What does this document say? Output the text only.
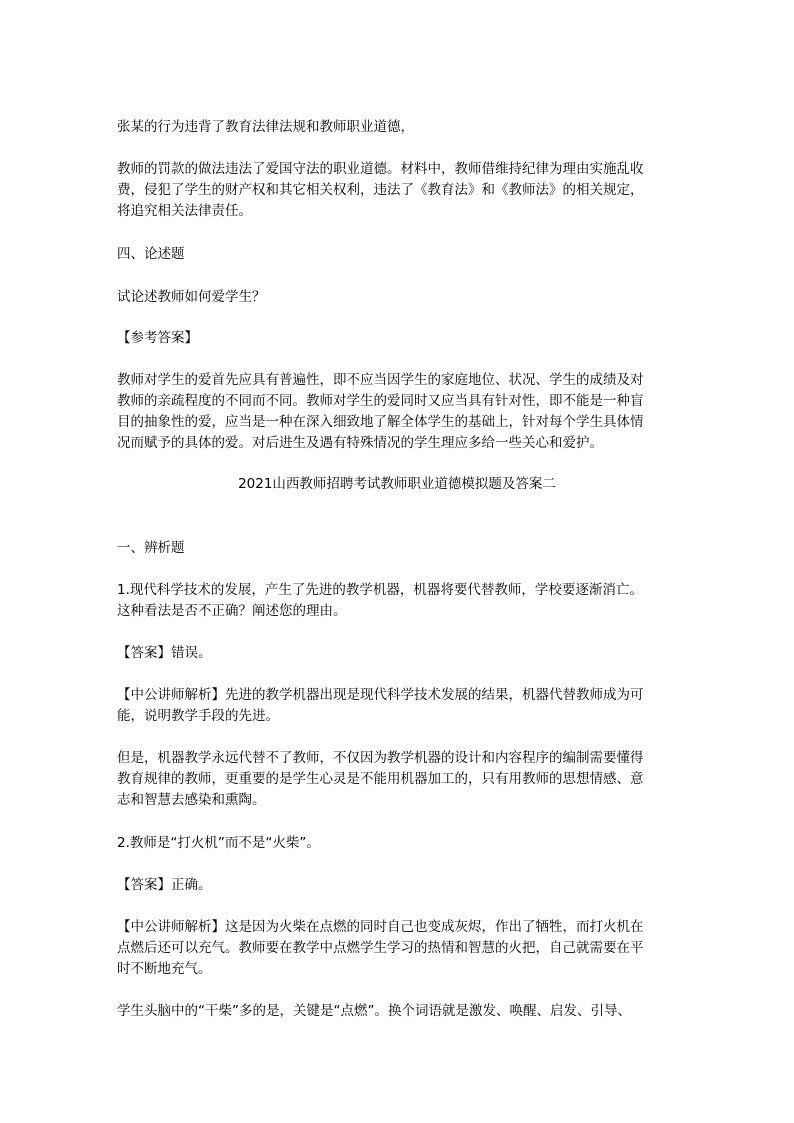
张某的行为违背了教育法律法规和教师职业道德，
教师的罚款的做法违法了爱国守法的职业道德。材料中，教师借维持纪律为理由实施乱收
费，侵犯了学生的财产权和其它相关权利，违法了《教育法》和《教师法》的相关规定，
将追究相关法律责任。
四、论述题
试论述教师如何爱学生？
【参考答案】
教师对学生的爱首先应具有普遍性，即不应当因学生的家庭地位、状况、学生的成绩及对
教师的亲疏程度的不同而不同。教师对学生的爱同时又应当具有针对性，即不能是一种盲
目的抽象性的爱，应当是一种在深入细致地了解全体学生的基础上，针对每个学生具体情
况而赋予的具体的爱。对后进生及遇有特殊情况的学生理应多给一些关心和爱护。
2021山西教师招聘考试教师职业道德模拟题及答案二
一、辨析题
1.现代科学技术的发展，产生了先进的教学机器，机器将要代替教师，学校要逐渐消亡。
这种看法是否不正确？阐述您的理由。
【答案】错误。
【中公讲师解析】先进的教学机器出现是现代科学技术发展的结果，机器代替教师成为可
能，说明教学手段的先进。
但是，机器教学永远代替不了教师，不仅因为教学机器的设计和内容程序的编制需要懂得
教育规律的教师，更重要的是学生心灵是不能用机器加工的，只有用教师的思想情感、意
志和智慧去感染和熏陶。
2.教师是“打火机”而不是“火柴”。
【答案】正确。
【中公讲师解析】这是因为火柴在点燃的同时自己也变成灰烬，作出了牺牲，而打火机在
点燃后还可以充气。教师要在教学中点燃学生学习的热情和智慧的火把，自己就需要在平
时不断地充气。
学生头脑中的“干柴”多的是，关键是“点燃”。换个词语就是激发、唤醒、启发、引导、
